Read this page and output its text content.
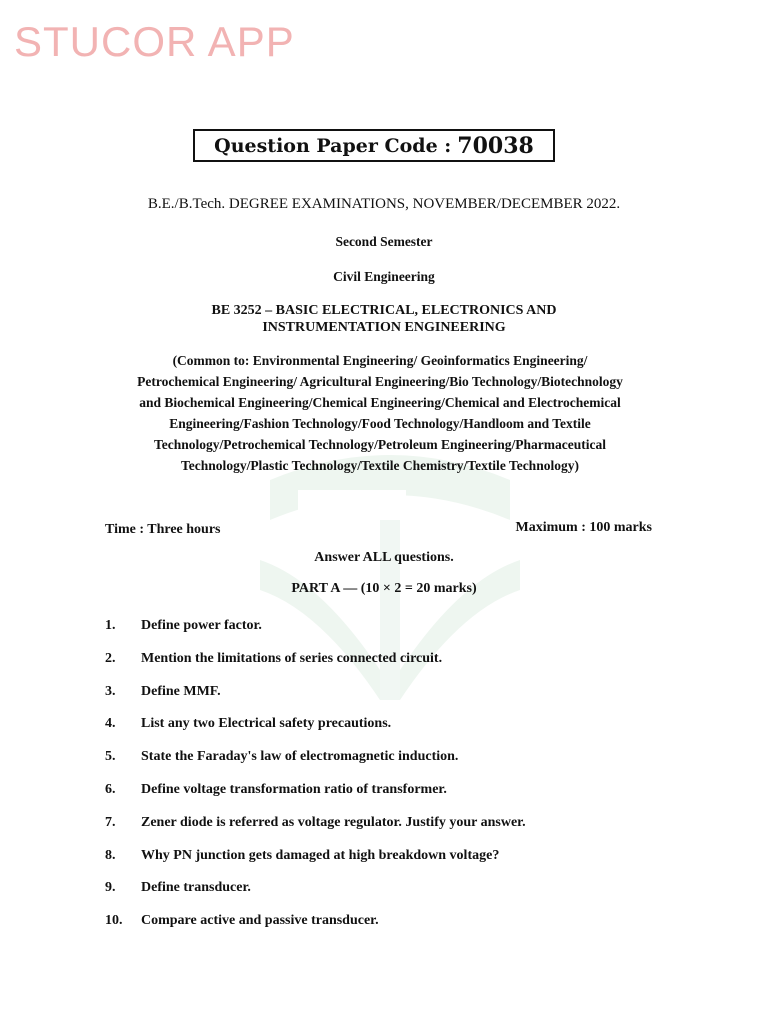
STUCOR APP
Question Paper Code : 70038
B.E./B.Tech. DEGREE EXAMINATIONS, NOVEMBER/DECEMBER 2022.
Second Semester
Civil Engineering
BE 3252 – BASIC ELECTRICAL, ELECTRONICS AND
INSTRUMENTATION ENGINEERING
(Common to: Environmental Engineering/ Geoinformatics Engineering/
Petrochemical Engineering/ Agricultural Engineering/Bio Technology/Biotechnology
and Biochemical Engineering/Chemical Engineering/Chemical and Electrochemical
Engineering/Fashion Technology/Food Technology/Handloom and Textile
Technology/Petrochemical Technology/Petroleum Engineering/Pharmaceutical
Technology/Plastic Technology/Textile Chemistry/Textile Technology)
Time : Three hours	Maximum : 100 marks
Answer ALL questions.
PART A — (10 × 2 = 20 marks)
1.	Define power factor.
2.	Mention the limitations of series connected circuit.
3.	Define MMF.
4.	List any two Electrical safety precautions.
5.	State the Faraday's law of electromagnetic induction.
6.	Define voltage transformation ratio of transformer.
7.	Zener diode is referred as voltage regulator. Justify your answer.
8.	Why PN junction gets damaged at high breakdown voltage?
9.	Define transducer.
10.	Compare active and passive transducer.
